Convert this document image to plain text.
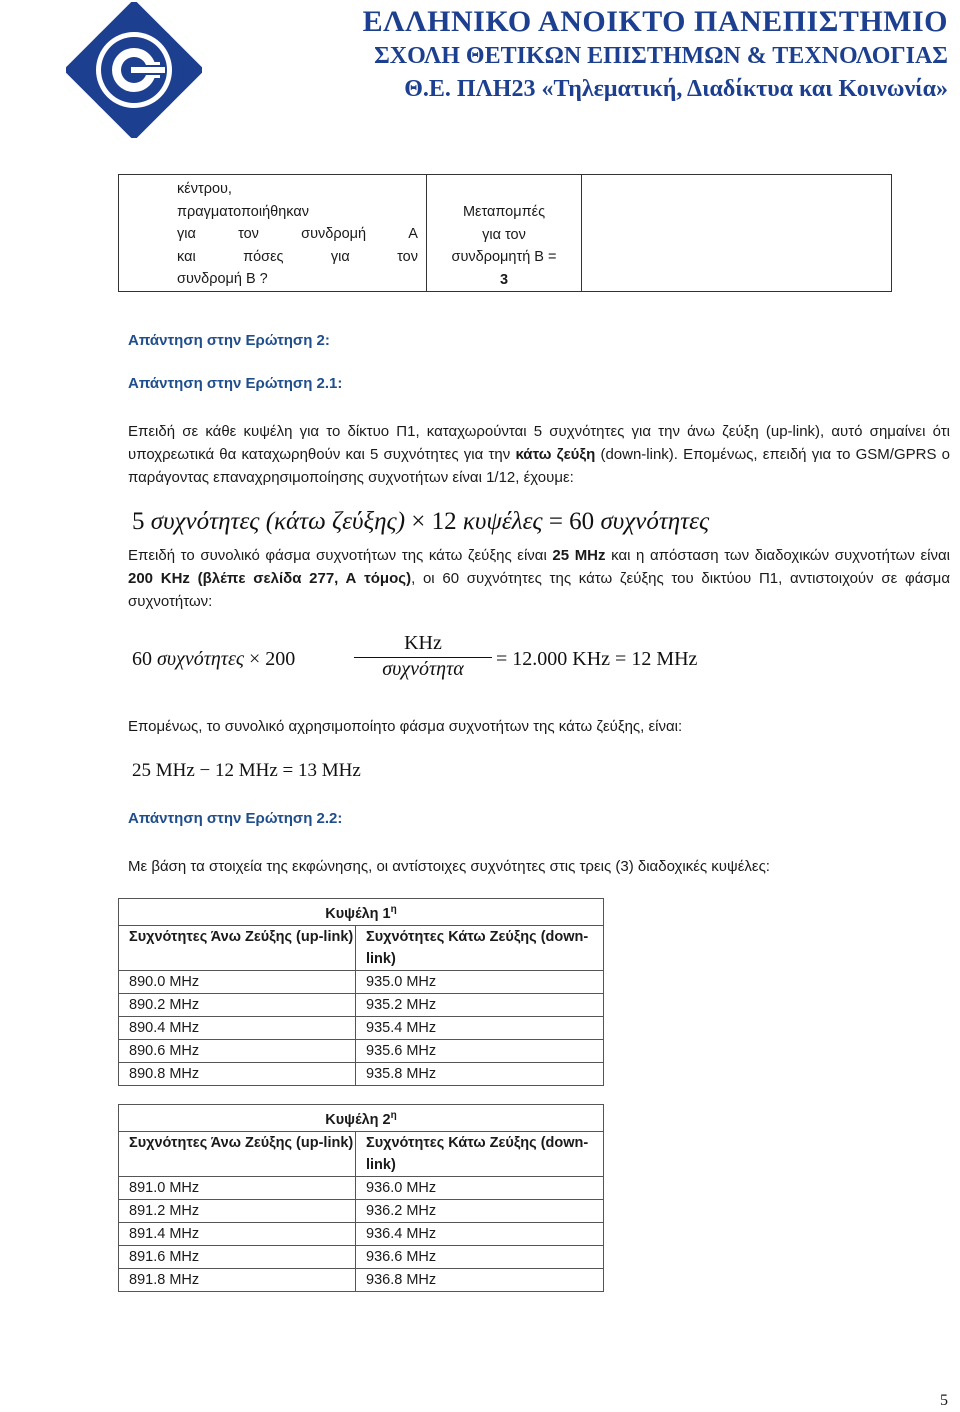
ΕΛΛΗΝΙΚΟ ΑΝΟΙΚΤΟ ΠΑΝΕΠΙΣΤΗΜΙΟ
ΣΧΟΛΗ ΘΕΤΙΚΩΝ ΕΠΙΣΤΗΜΩΝ & ΤΕΧΝΟΛΟΓΙΑΣ
Θ.Ε. ΠΛΗ23 «Τηλεματική, Διαδίκτυα και Κοινωνία»
κέντρου,
πραγματοποιήθηκαν
για	τον	συνδρομή	Α
και	πόσες	για	τον
συνδρομή Β ?

Μεταπομπές
για τον
συνδρομητή Β =
3

Απάντηση στην Ερώτηση 2:
Απάντηση στην Ερώτηση 2.1:
Επειδή σε κάθε κυψέλη για το δίκτυο Π1, καταχωρούνται 5 συχνότητες για την άνω ζεύξη (up-link), αυτό σημαίνει ότι υποχρεωτικά θα καταχωρηθούν και 5 συχνότητες για την κάτω ζεύξη (down-link). Επομένως, επειδή για το GSM/GPRS ο παράγοντας επαναχρησιμοποίησης συχνοτήτων είναι 1/12, έχουμε:
5 συχνότητες (κάτω ζεύξης) × 12 κυψέλες = 60 συχνότητες
Επειδή το συνολικό φάσμα συχνοτήτων της κάτω ζεύξης είναι 25 MHz και η απόσταση των διαδοχικών συχνοτήτων είναι 200 KHz (βλέπε σελίδα 277, Α τόμος), οι 60 συχνότητες της κάτω ζεύξης του δικτύου Π1, αντιστοιχούν σε φάσμα συχνοτήτων:
60 συχνότητες × 200
KHz
συχνότητα	= 12.000 KHz = 12 MHz
Επομένως, το συνολικό αχρησιμοποίητο φάσμα συχνοτήτων της κάτω ζεύξης, είναι:
25 MHz − 12 MHz = 13 MHz
Απάντηση στην Ερώτηση 2.2:
Με βάση τα στοιχεία της εκφώνησης, οι αντίστοιχες συχνότητες στις τρεις (3) διαδοχικές κυψέλες:
Κυψέλη $1^\eta$
Συχνότητες Άνω Ζεύξης (up-link)	Συχνότητες Κάτω Ζεύξης (down-link)
890.0 MHz	935.0 MHz
890.2 MHz	935.2 MHz
890.4 MHz	935.4 MHz
890.6 MHz	935.6 MHz
890.8 MHz	935.8 MHz
Κυψέλη $2^\eta$
Συχνότητες Άνω Ζεύξης (up-link)	Συχνότητες Κάτω Ζεύξης (down-link)
891.0 MHz	936.0 MHz
891.2 MHz	936.2 MHz
891.4 MHz	936.4 MHz
891.6 MHz	936.6 MHz
891.8 MHz	936.8 MHz
5
